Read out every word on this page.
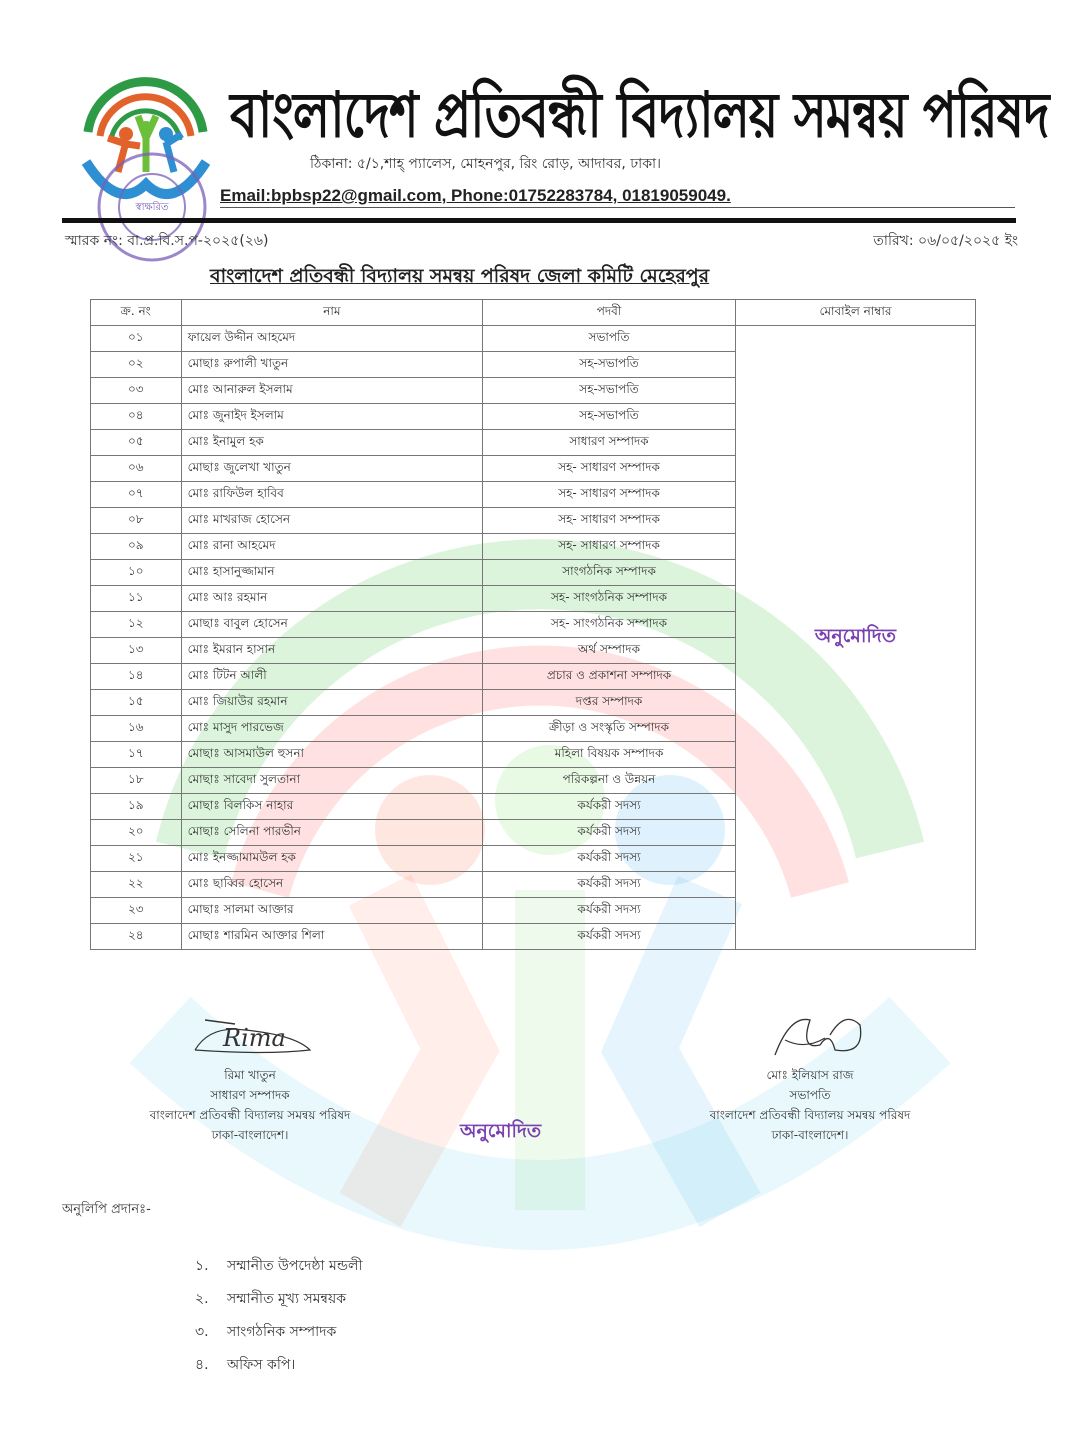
স্বাক্ষরিত
বাংলাদেশ প্রতিবন্ধী বিদ্যালয় সমন্বয় পরিষদ
ঠিকানা: ৫/১,শাহ্ প্যালেস, মোহনপুর, রিং রোড়, আদাবর, ঢাকা।
Email:bpbsp22@gmail.com, Phone:01752283784, 01819059049.
স্মারক নং: বা.প্র.বি.স.প-২০২৫(২৬)	তারিখ: ০৬/০৫/২০২৫ ইং
বাংলাদেশ প্রতিবন্ধী বিদ্যালয় সমন্বয় পরিষদ জেলা কমিটি মেহেরপুর
ক্র. নং	নাম	পদবী	মোবাইল নাম্বার
০১	ফায়েল উদ্দীন আহমেদ	সভাপতি	অনুমোদিত
০২	মোছাঃ রুপালী খাতুন	সহ-সভাপতি	
০৩	মোঃ আনারুল ইসলাম	সহ-সভাপতি	
০৪	মোঃ জুনাইদ ইসলাম	সহ-সভাপতি	
০৫	মোঃ ইনামুল হক	সাধারণ সম্পাদক	
০৬	মোছাঃ জুলেখা খাতুন	সহ- সাধারণ সম্পাদক	
০৭	মোঃ রাফিউল হাবিব	সহ- সাধারণ সম্পাদক	
০৮	মোঃ মাখরাজ হোসেন	সহ- সাধারণ সম্পাদক	
০৯	মোঃ রানা আহমেদ	সহ- সাধারণ সম্পাদক	
১০	মোঃ হাসানুজ্জামান	সাংগঠনিক সম্পাদক	
১১	মোঃ আঃ রহমান	সহ- সাংগঠনিক সম্পাদক	
১২	মোছাঃ বাবুল হোসেন	সহ- সাংগঠনিক সম্পাদক	
১৩	মোঃ ইমরান হাসান	অর্থ সম্পাদক	
১৪	মোঃ টিটন আলী	প্রচার ও প্রকাশনা সম্পাদক	
১৫	মোঃ জিয়াউর রহমান	দপ্তর সম্পাদক	
১৬	মোঃ মাসুদ পারভেজ	ক্রীড়া ও সংস্কৃতি সম্পাদক	
১৭	মোছাঃ আসমাউল হুসনা	মহিলা বিষয়ক সম্পাদক	
১৮	মোছাঃ সাবেদা সুলতানা	পরিকল্পনা ও উন্নয়ন	
১৯	মোছাঃ বিলকিস নাহার	কর্যকরী সদস্য	
২০	মোছাঃ সেলিনা পারভীন	কর্যকরী সদস্য	
২১	মোঃ ইনজ্জামামউল হক	কর্যকরী সদস্য	
২২	মোঃ ছাব্বির হোসেন	কর্যকরী সদস্য	
২৩	মোছাঃ সালমা আক্তার	কর্যকরী সদস্য	
২৪	মোছাঃ শারমিন আক্তার শিলা	কর্যকরী সদস্য	
Rima
রিমা খাতুন
সাধারণ সম্পাদক
বাংলাদেশ প্রতিবন্ধী বিদ্যালয় সমন্বয় পরিষদ
ঢাকা-বাংলাদেশ।	অনুমোদিত
মোঃ ইলিয়াস রাজ
সভাপতি
বাংলাদেশ প্রতিবন্ধী বিদ্যালয় সমন্বয় পরিষদ
ঢাকা-বাংলাদেশ।
অনুলিপি প্রদানঃ-
১. সম্মানীত উপদেষ্ঠা মন্ডলী
২. সম্মানীত মূখ্য সমন্বয়ক
৩. সাংগঠনিক সম্পাদক
৪. অফিস কপি।
